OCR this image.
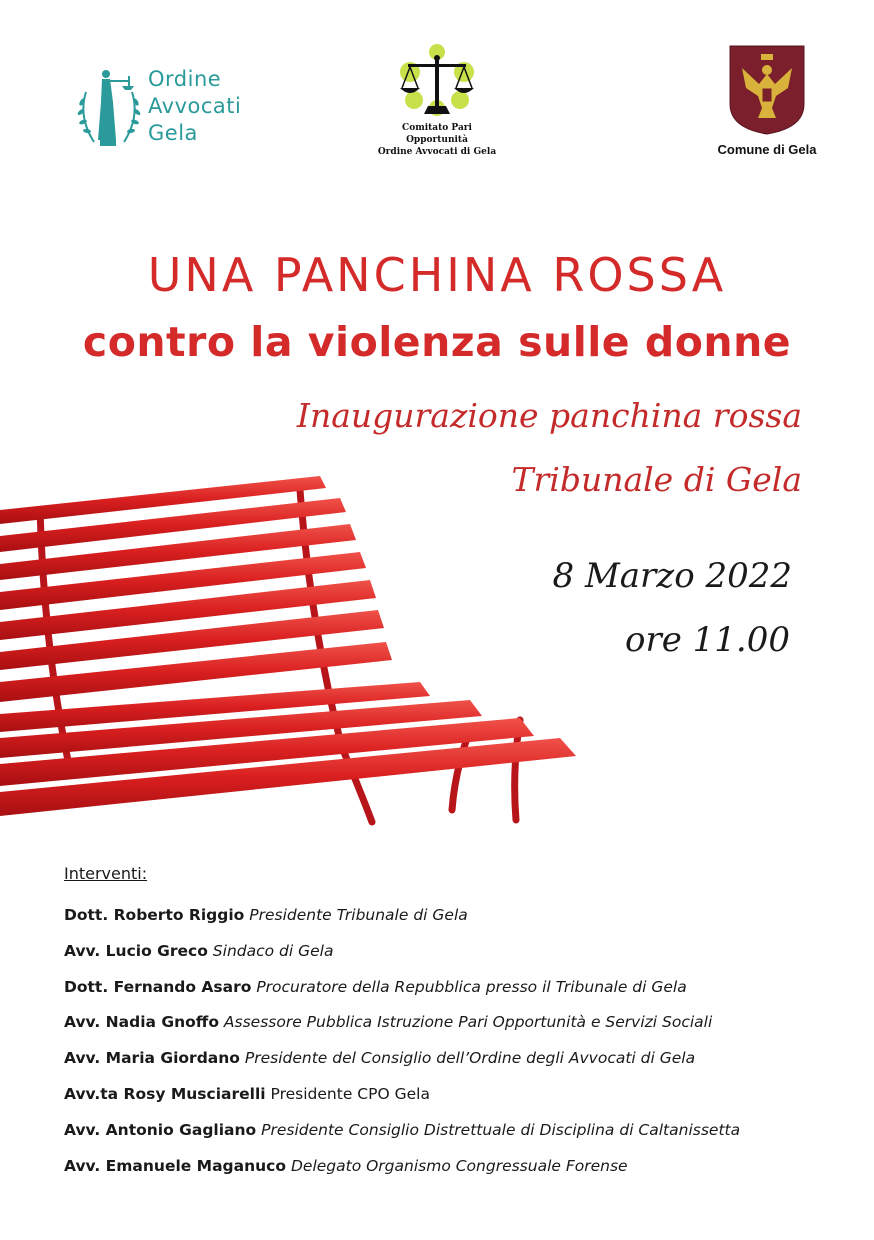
Ordine
Avvocati
Gela	Comitato Pari Opportunità
Ordine Avvocati di Gela	Comune di Gela
UNA PANCHINA ROSSA
contro la violenza sulle donne
Inaugurazione panchina rossa
Tribunale di Gela
8 Marzo 2022
ore 11.00
Interventi:
Dott. Roberto Riggio Presidente Tribunale di Gela
Avv. Lucio Greco Sindaco di Gela
Dott. Fernando Asaro Procuratore della Repubblica presso il Tribunale di Gela
Avv. Nadia Gnoffo Assessore Pubblica Istruzione Pari Opportunità e Servizi Sociali
Avv. Maria Giordano Presidente del Consiglio dell’Ordine degli Avvocati di Gela
Avv.ta Rosy Musciarelli Presidente CPO Gela
Avv. Antonio Gagliano Presidente Consiglio Distrettuale di Disciplina di Caltanissetta
Avv. Emanuele Maganuco Delegato Organismo Congressuale Forense
